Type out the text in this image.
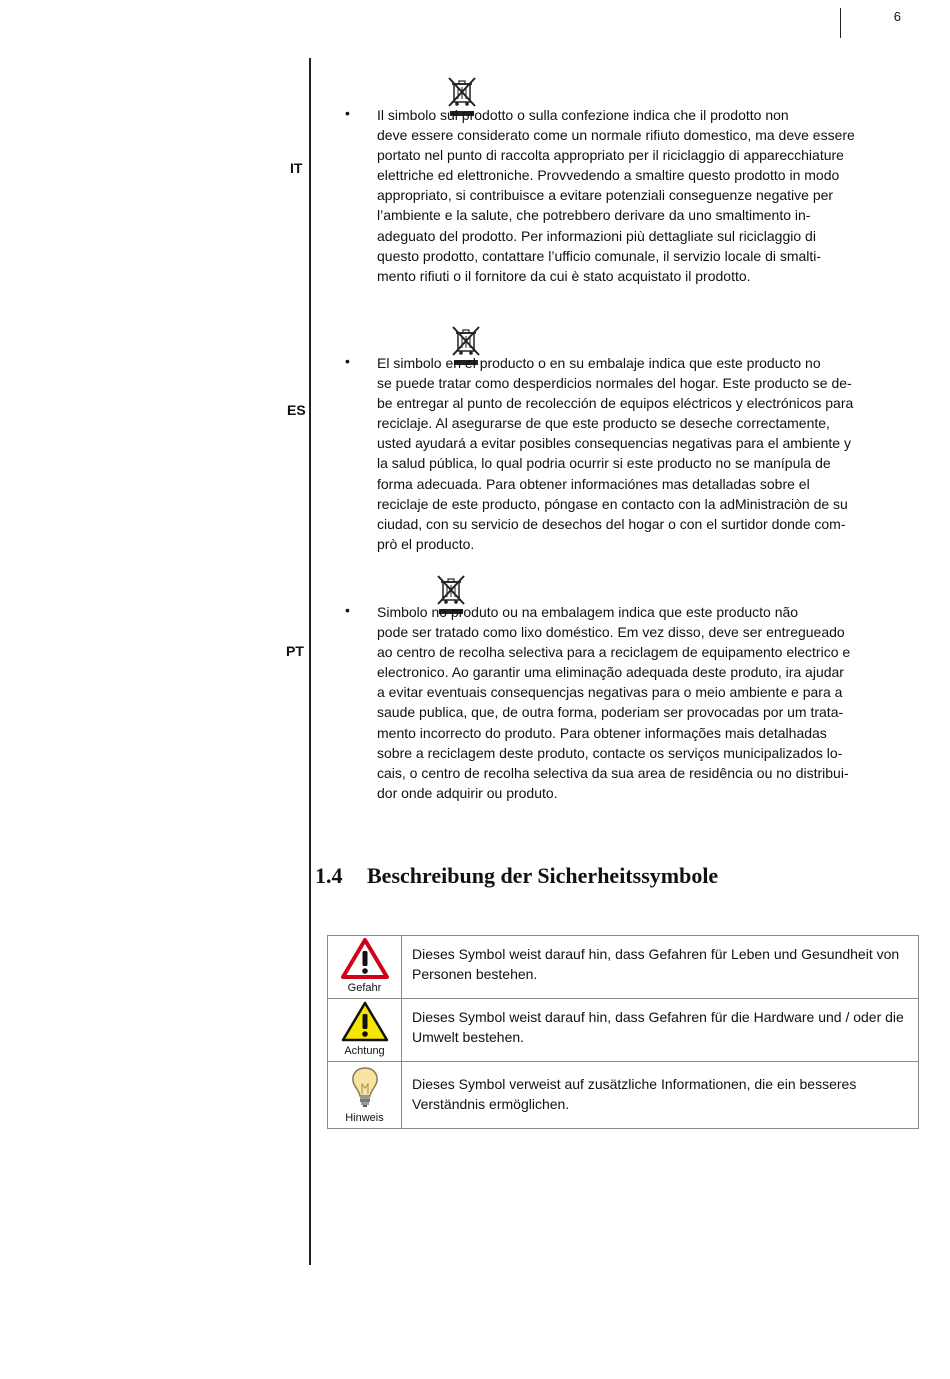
6
IT
• Il simbolo sul prodotto o sulla confezione indica che il prodotto non
deve essere considerato come un normale rifiuto domestico, ma deve essere
portato nel punto di raccolta appropriato per il riciclaggio di apparecchiature
elettriche ed elettroniche. Provvedendo a smaltire questo prodotto in modo
appropriato, si contribuisce a evitare potenziali conseguenze negative per
l’ambiente e la salute, che potrebbero derivare da uno smaltimento in-
adeguato del prodotto. Per informazioni più dettagliate sul riciclaggio di
questo prodotto, contattare l’ufficio comunale, il servizio locale di smalti-
mento rifiuti o il fornitore da cui è stato acquistato il prodotto.
ES
• El simbolo en el producto o en su embalaje indica que este producto no
se puede tratar como desperdicios normales del hogar. Este producto se de-
be entregar al punto de recolección de equipos eléctricos y electrónicos para
reciclaje. Al asegurarse de que este producto se deseche correctamente,
usted ayudará a evitar posibles consequencias negativas para el ambiente y
la salud pública, lo qual podria ocurrir si este producto no se manípula de
forma adecuada. Para obtener informaciónes mas detalladas sobre el
reciclaje de este producto, póngase en contacto con la adMinistraciòn de su
ciudad, con su servicio de desechos del hogar o con el surtidor donde com-
prò el producto.
PT
• Simbolo no produto ou na embalagem indica que este producto não
pode ser tratado como lixo doméstico. Em vez disso, deve ser entregueado
ao centro de recolha selectiva para a reciclagem de equipamento electrico e
electronico. Ao garantir uma eliminação adequada deste produto, ira ajudar
a evitar eventuais consequencjas negativas para o meio ambiente e para a
saude publica, que, de outra forma, poderiam ser provocadas por um trata-
mento incorrecto do produto. Para obtener informações mais detalhadas
sobre a reciclagem deste produto, contacte os serviços municipalizados lo-
cais, o centro de recolha selectiva da sua area de residência ou no distribui-
dor onde adquirir ou produto.
1.4 Beschreibung der Sicherheitssymbole
Gefahr	Dieses Symbol weist darauf hin, dass Gefahren für Leben und Gesundheit von Personen bestehen.

Achtung	Dieses Symbol weist darauf hin, dass Gefahren für die Hardware und / oder die Umwelt bestehen.

Hinweis	Dieses Symbol verweist auf zusätzliche Informationen, die ein besseres Verständnis ermöglichen.
